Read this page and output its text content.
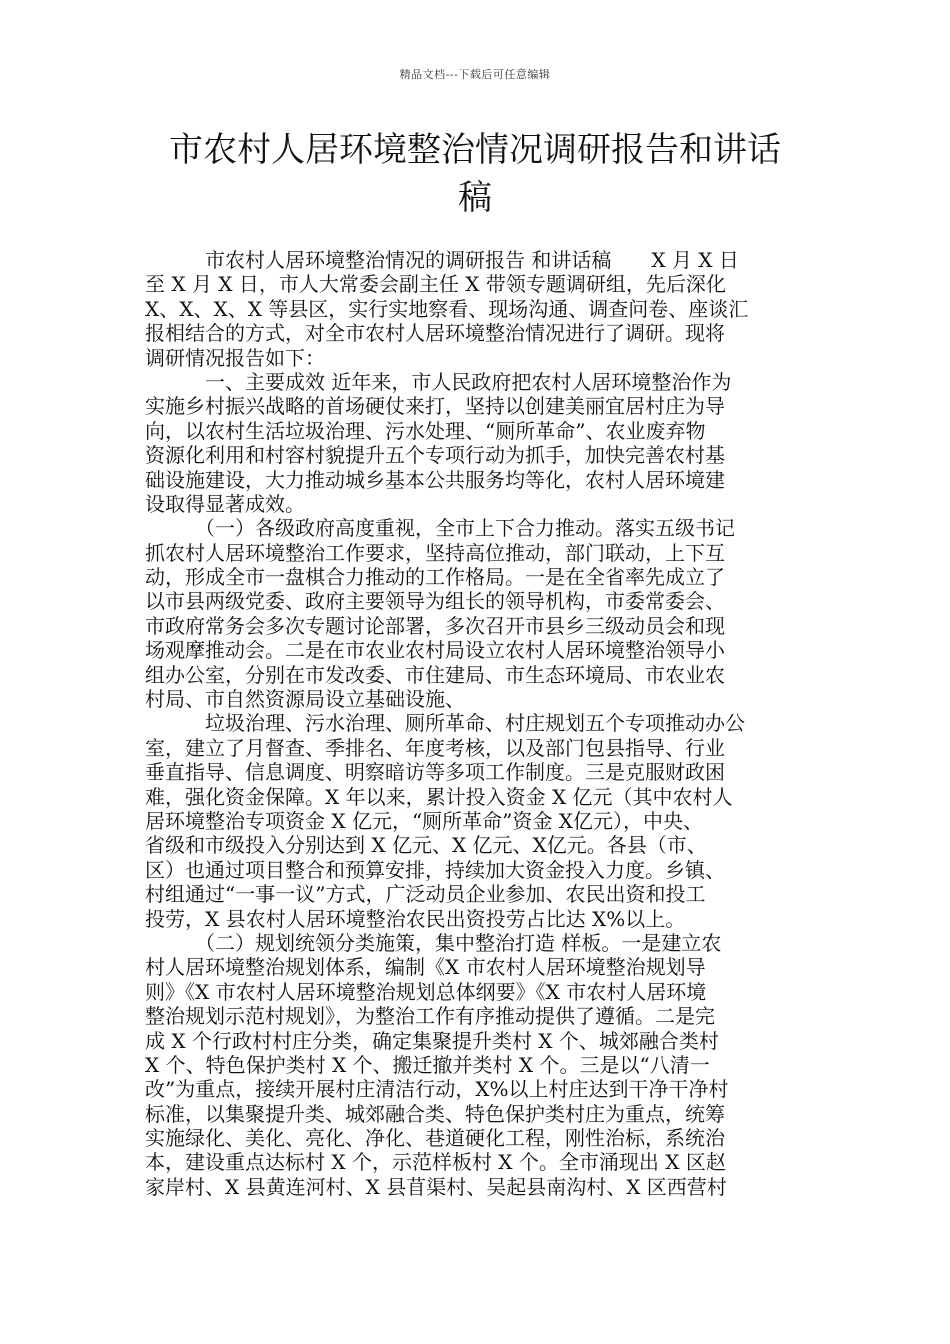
精品文档---下载后可任意编辑
市农村人居环境整治情况调研报告和讲话
稿
　　　市农村人居环境整治情况的调研报告 和讲话稿　　X 月 X 日
至 X 月 X 日，市人大常委会副主任 X 带领专题调研组，先后深化
X、X、X、X 等县区，实行实地察看、现场沟通、调查问卷、座谈汇
报相结合的方式，对全市农村人居环境整治情况进行了调研。现将
调研情况报告如下：
　　　一、主要成效 近年来，市人民政府把农村人居环境整治作为
实施乡村振兴战略的首场硬仗来打，坚持以创建美丽宜居村庄为导
向，以农村生活垃圾治理、污水处理、“厕所革命”、农业废弃物
资源化利用和村容村貌提升五个专项行动为抓手，加快完善农村基
础设施建设，大力推动城乡基本公共服务均等化，农村人居环境建
设取得显著成效。
　　　（一）各级政府高度重视，全市上下合力推动。落实五级书记
抓农村人居环境整治工作要求，坚持高位推动，部门联动，上下互
动，形成全市一盘棋合力推动的工作格局。一是在全省率先成立了
以市县两级党委、政府主要领导为组长的领导机构，市委常委会、
市政府常务会多次专题讨论部署，多次召开市县乡三级动员会和现
场观摩推动会。二是在市农业农村局设立农村人居环境整治领导小
组办公室，分别在市发改委、市住建局、市生态环境局、市农业农
村局、市自然资源局设立基础设施、
　　　垃圾治理、污水治理、厕所革命、村庄规划五个专项推动办公
室，建立了月督查、季排名、年度考核，以及部门包县指导、行业
垂直指导、信息调度、明察暗访等多项工作制度。三是克服财政困
难，强化资金保障。X 年以来，累计投入资金 X 亿元（其中农村人
居环境整治专项资金 X 亿元，“厕所革命”资金 X亿元），中央、
省级和市级投入分别达到 X 亿元、X 亿元、X亿元。各县（市、
区）也通过项目整合和预算安排，持续加大资金投入力度。乡镇、
村组通过“一事一议”方式，广泛动员企业参加、农民出资和投工
投劳，X 县农村人居环境整治农民出资投劳占比达 X%以上。
　　　（二）规划统领分类施策，集中整治打造 样板。一是建立农
村人居环境整治规划体系，编制《X 市农村人居环境整治规划导
则》《X 市农村人居环境整治规划总体纲要》《X 市农村人居环境
整治规划示范村规划》，为整治工作有序推动提供了遵循。二是完
成 X 个行政村村庄分类，确定集聚提升类村 X 个、城郊融合类村
X 个、特色保护类村 X 个、搬迁撤并类村 X 个。三是以“八清一
改”为重点，接续开展村庄清洁行动，X%以上村庄达到干净干净村
标准，以集聚提升类、城郊融合类、特色保护类村庄为重点，统筹
实施绿化、美化、亮化、净化、巷道硬化工程，刚性治标，系统治
本，建设重点达标村 X 个，示范样板村 X 个。全市涌现出 X 区赵
家岸村、X 县黄连河村、X 县苜渠村、吴起县南沟村、X 区西营村
